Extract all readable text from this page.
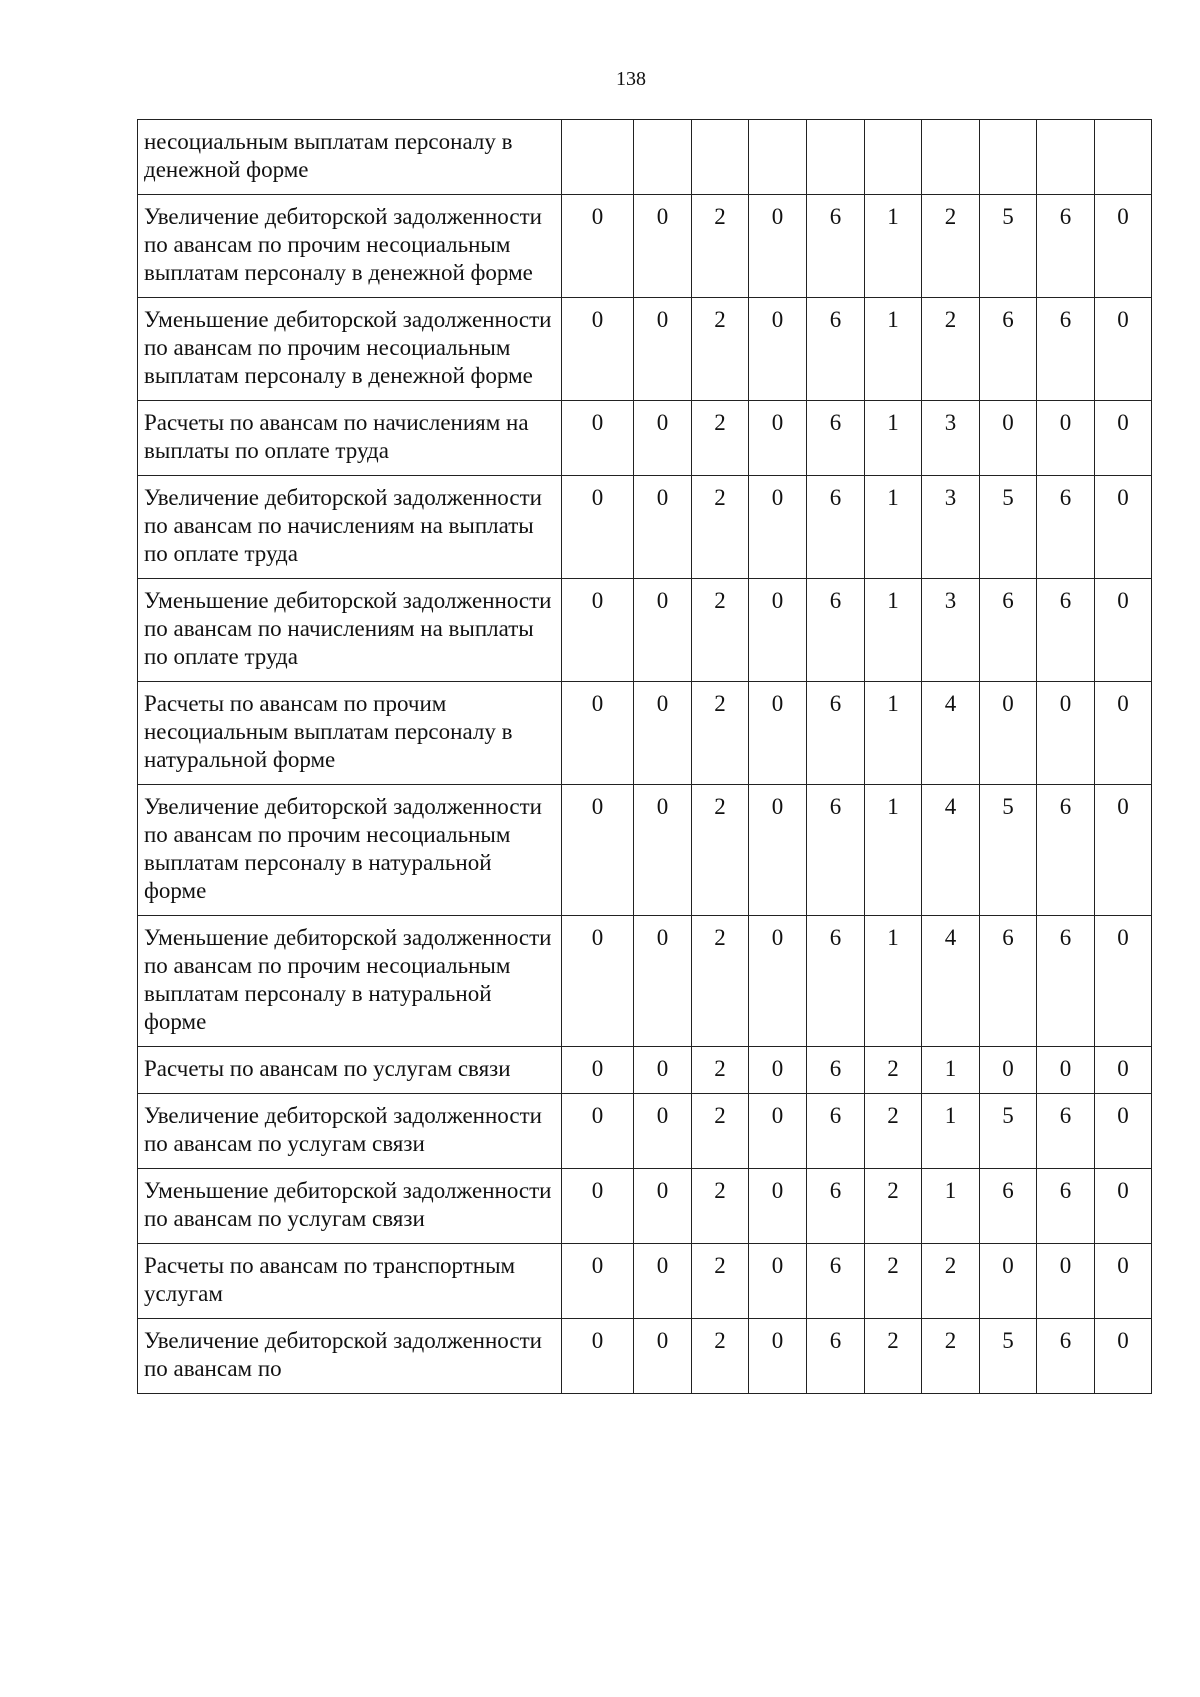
138
несоциальным выплатам персоналу в денежной форме										
Увеличение дебиторской задолженности по авансам по прочим несоциальным выплатам персоналу в денежной форме	0	0	2	0	6	1	2	5	6	0
Уменьшение дебиторской задолженности по авансам по прочим несоциальным выплатам персоналу в денежной форме	0	0	2	0	6	1	2	6	6	0
Расчеты по авансам по начислениям на выплаты по оплате труда	0	0	2	0	6	1	3	0	0	0
Увеличение дебиторской задолженности по авансам по начислениям на выплаты по оплате труда	0	0	2	0	6	1	3	5	6	0
Уменьшение дебиторской задолженности по авансам по начислениям на выплаты по оплате труда	0	0	2	0	6	1	3	6	6	0
Расчеты по авансам по прочим несоциальным выплатам персоналу в натуральной форме	0	0	2	0	6	1	4	0	0	0
Увеличение дебиторской задолженности по авансам по прочим несоциальным выплатам персоналу в натуральной форме	0	0	2	0	6	1	4	5	6	0
Уменьшение дебиторской задолженности по авансам по прочим несоциальным выплатам персоналу в натуральной форме	0	0	2	0	6	1	4	6	6	0
Расчеты по авансам по услугам связи	0	0	2	0	6	2	1	0	0	0
Увеличение дебиторской задолженности по авансам по услугам связи	0	0	2	0	6	2	1	5	6	0
Уменьшение дебиторской задолженности по авансам по услугам связи	0	0	2	0	6	2	1	6	6	0
Расчеты по авансам по транспортным услугам	0	0	2	0	6	2	2	0	0	0
Увеличение дебиторской задолженности по авансам по	0	0	2	0	6	2	2	5	6	0
